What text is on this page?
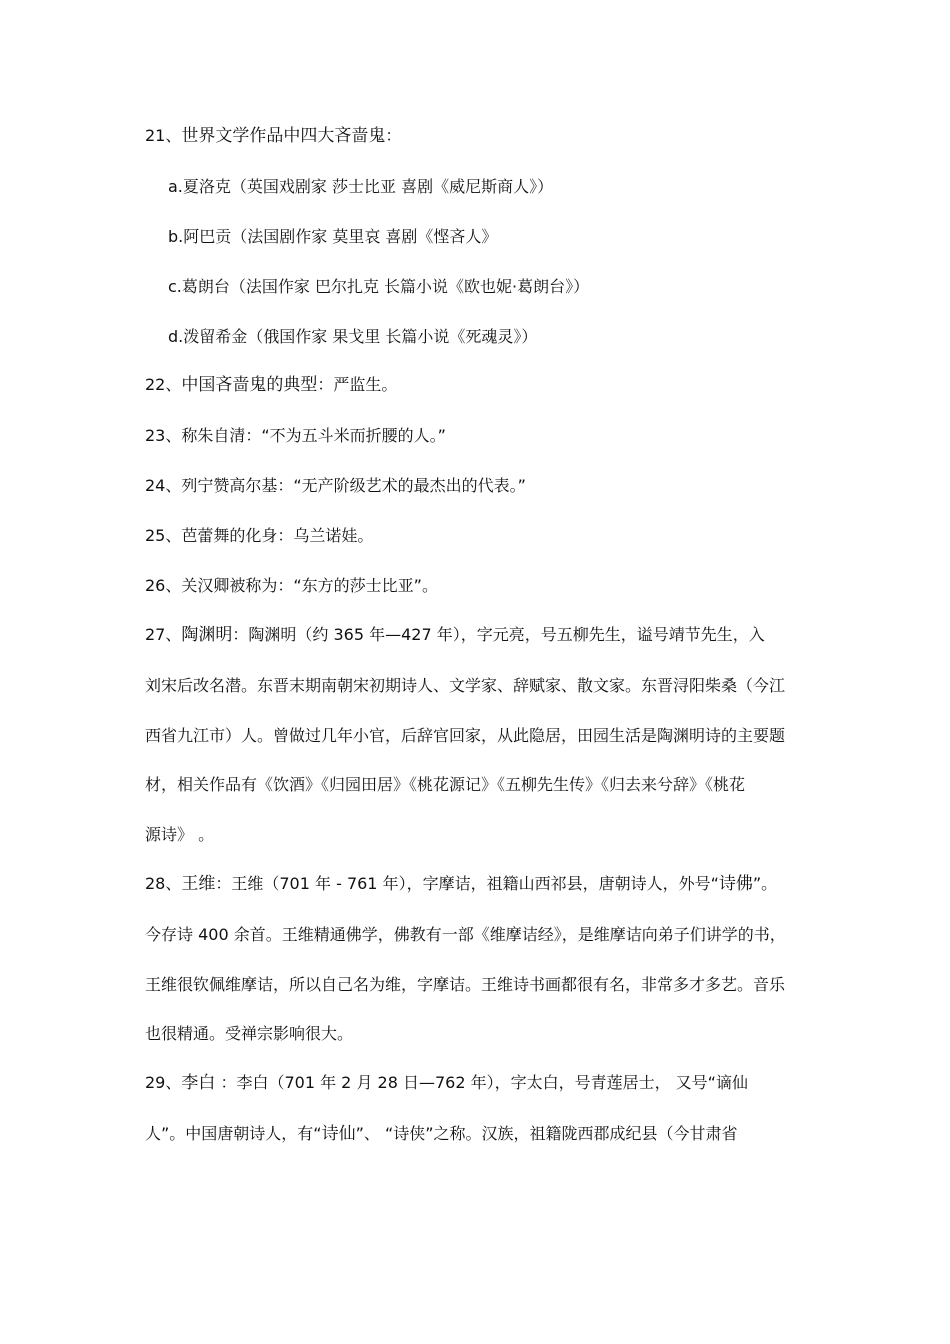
21、世界文学作品中四大吝啬鬼：
a.夏洛克（英国戏剧家 莎士比亚 喜剧《威尼斯商人》）
b.阿巴贡（法国剧作家 莫里哀 喜剧《悭吝人》
c.葛朗台（法国作家 巴尔扎克 长篇小说《欧也妮·葛朗台》）
d.泼留希金（俄国作家 果戈里 长篇小说《死魂灵》）
22、中国吝啬鬼的典型：严监生。
23、称朱自清：“不为五斗米而折腰的人。”
24、列宁赞高尔基：“无产阶级艺术的最杰出的代表。”
25、芭蕾舞的化身：乌兰诺娃。
26、关汉卿被称为：“东方的莎士比亚”。
27、陶渊明：陶渊明（约 365 年—427 年），字元亮，号五柳先生，谥号靖节先生，入
刘宋后改名潜。东晋末期南朝宋初期诗人、文学家、辞赋家、散文家。东晋浔阳柴桑（今江
西省九江市）人。曾做过几年小官，后辞官回家，从此隐居，田园生活是陶渊明诗的主要题
材，相关作品有《饮酒》《归园田居》《桃花源记》《五柳先生传》《归去来兮辞》《桃花
源诗》 。
28、王维：王维（701 年 - 761 年），字摩诘，祖籍山西祁县，唐朝诗人，外号“诗佛”。
今存诗 400 余首。王维精通佛学，佛教有一部《维摩诘经》，是维摩诘向弟子们讲学的书，
王维很钦佩维摩诘，所以自己名为维，字摩诘。王维诗书画都很有名，非常多才多艺。音乐
也很精通。受禅宗影响很大。
29、李白 ：李白（701 年 2 月 28 日—762 年），字太白，号青莲居士， 又号“谪仙
人”。中国唐朝诗人，有“诗仙”、 “诗侠”之称。汉族，祖籍陇西郡成纪县（今甘肃省
